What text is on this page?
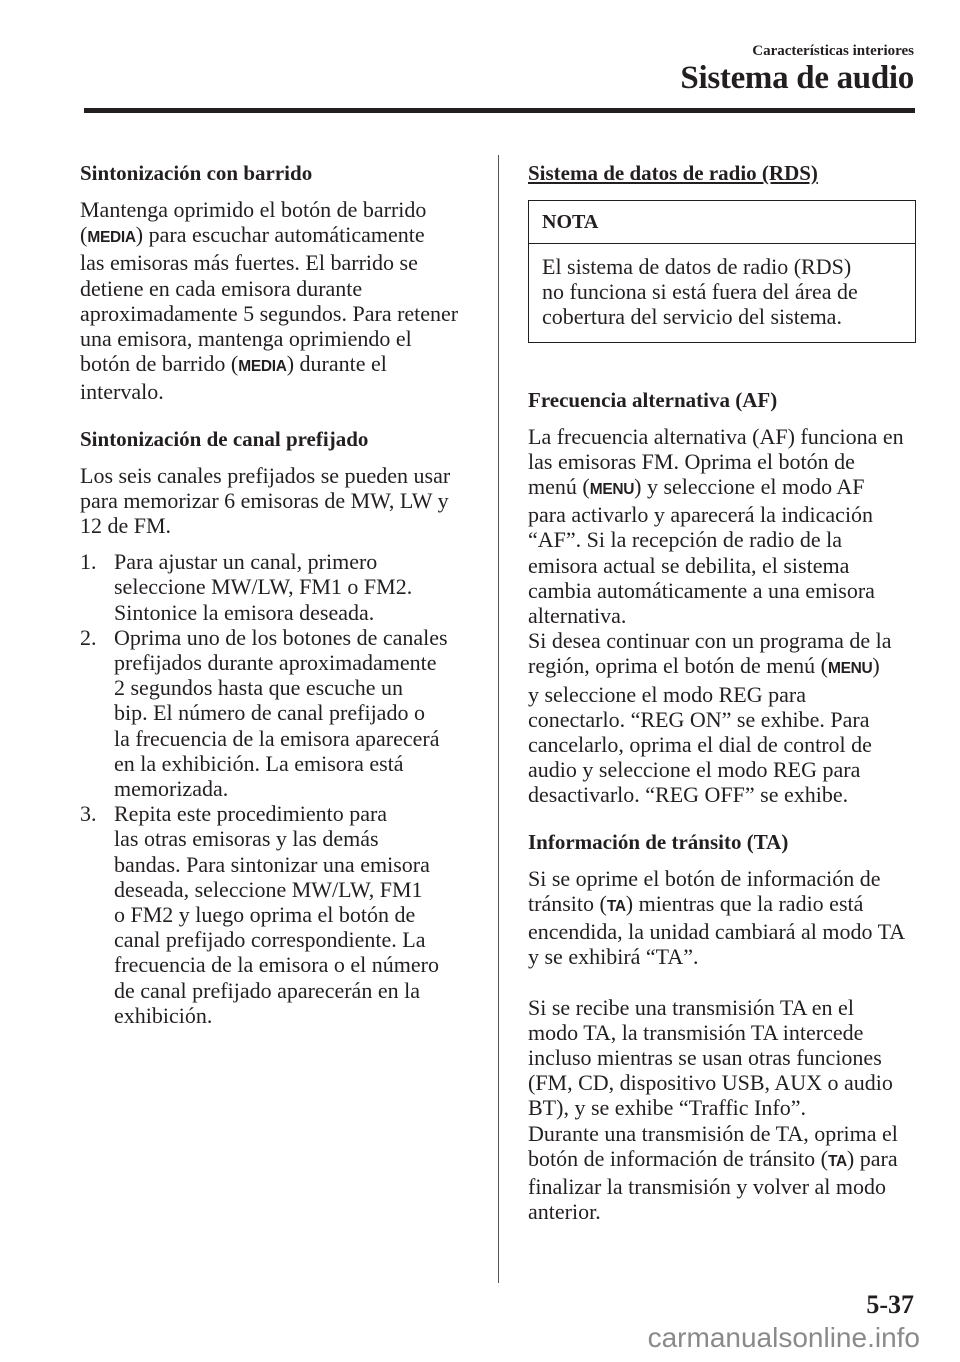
Características interiores
Sistema de audio
Sintonización con barrido
Mantenga oprimido el botón de barrido
(MEDIA) para escuchar automáticamente
las emisoras más fuertes. El barrido se
detiene en cada emisora durante
aproximadamente 5 segundos. Para retener
una emisora, mantenga oprimiendo el
botón de barrido (MEDIA) durante el
intervalo.
Sintonización de canal prefijado
Los seis canales prefijados se pueden usar
para memorizar 6 emisoras de MW, LW y
12 de FM.
1. Para ajustar un canal, primero
seleccione MW/LW, FM1 o FM2.
Sintonice la emisora deseada.
2. Oprima uno de los botones de canales
prefijados durante aproximadamente
2 segundos hasta que escuche un
bip. El número de canal prefijado o
la frecuencia de la emisora aparecerá
en la exhibición. La emisora está
memorizada.
3. Repita este procedimiento para
las otras emisoras y las demás
bandas. Para sintonizar una emisora
deseada, seleccione MW/LW, FM1
o FM2 y luego oprima el botón de
canal prefijado correspondiente. La
frecuencia de la emisora o el número
de canal prefijado aparecerán en la
exhibición.
Sistema de datos de radio (RDS)
NOTA
El sistema de datos de radio (RDS)
no funciona si está fuera del área de
cobertura del servicio del sistema.
Frecuencia alternativa (AF)
La frecuencia alternativa (AF) funciona en
las emisoras FM. Oprima el botón de
menú (MENU) y seleccione el modo AF
para activarlo y aparecerá la indicación
“AF”. Si la recepción de radio de la
emisora actual se debilita, el sistema
cambia automáticamente a una emisora
alternativa.
Si desea continuar con un programa de la
región, oprima el botón de menú (MENU)
y seleccione el modo REG para
conectarlo. “REG ON” se exhibe. Para
cancelarlo, oprima el dial de control de
audio y seleccione el modo REG para
desactivarlo. “REG OFF” se exhibe.
Información de tránsito (TA)
Si se oprime el botón de información de
tránsito (TA) mientras que la radio está
encendida, la unidad cambiará al modo TA
y se exhibirá “TA”.

Si se recibe una transmisión TA en el
modo TA, la transmisión TA intercede
incluso mientras se usan otras funciones
(FM, CD, dispositivo USB, AUX o audio
BT), y se exhibe “Traffic Info”.
Durante una transmisión de TA, oprima el
botón de información de tránsito (TA) para
finalizar la transmisión y volver al modo
anterior.
5-37
carmanualsonline.info
